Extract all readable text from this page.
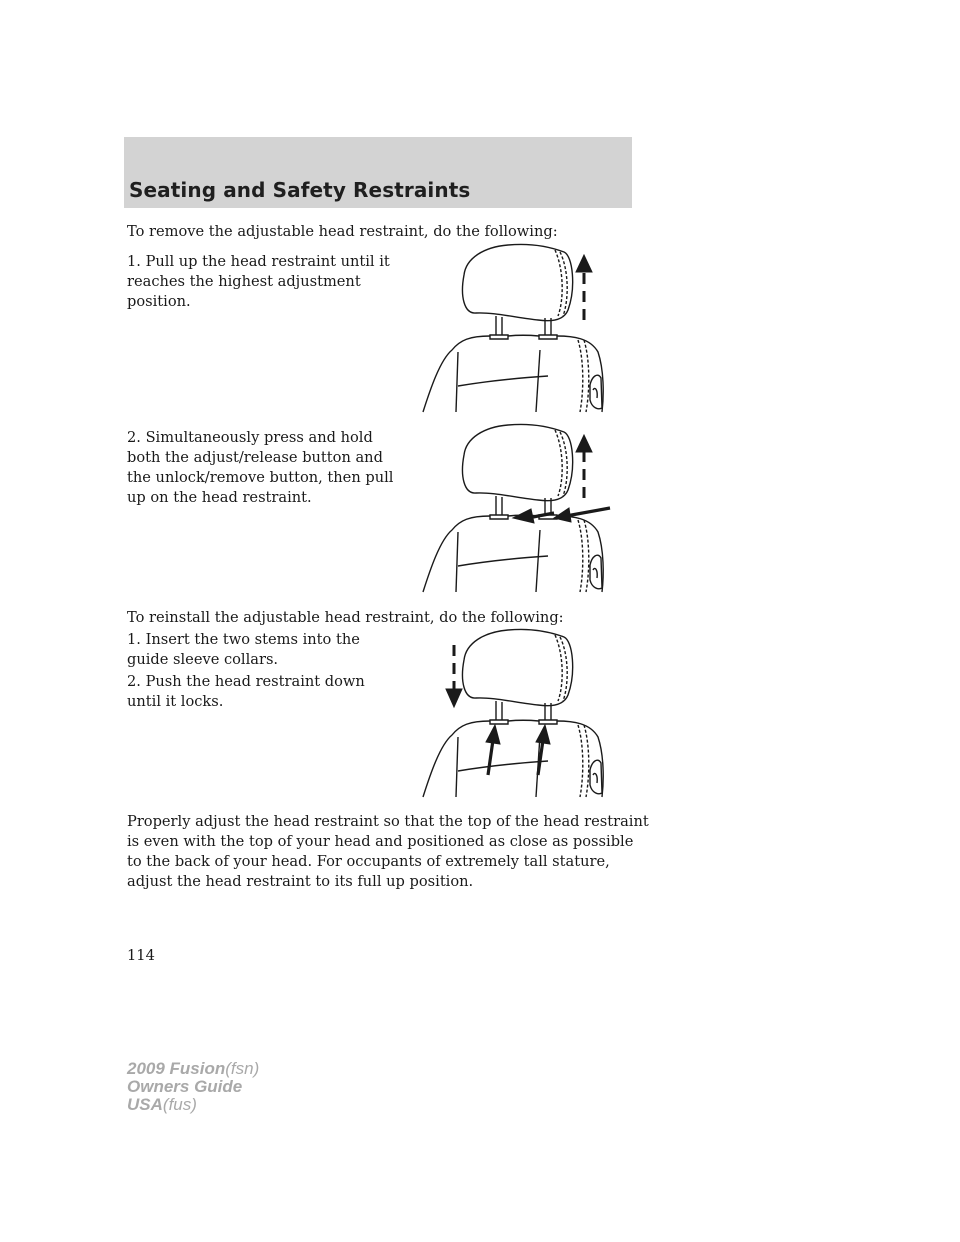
Seating and Safety Restraints

To remove the adjustable head restraint, do the following:

1. Pull up the head restraint until it reaches the highest adjustment position.

2. Simultaneously press and hold both the adjust/release button and the unlock/remove button, then pull up on the head restraint.

To reinstall the adjustable head restraint, do the following:

1. Insert the two stems into the guide sleeve collars.

2. Push the head restraint down until it locks.

Properly adjust the head restraint so that the top of the head restraint is even with the top of your head and positioned as close as possible to the back of your head. For occupants of extremely tall stature, adjust the head restraint to its full up position.

114

2009 Fusion(fsn)
Owners Guide
USA(fus)
